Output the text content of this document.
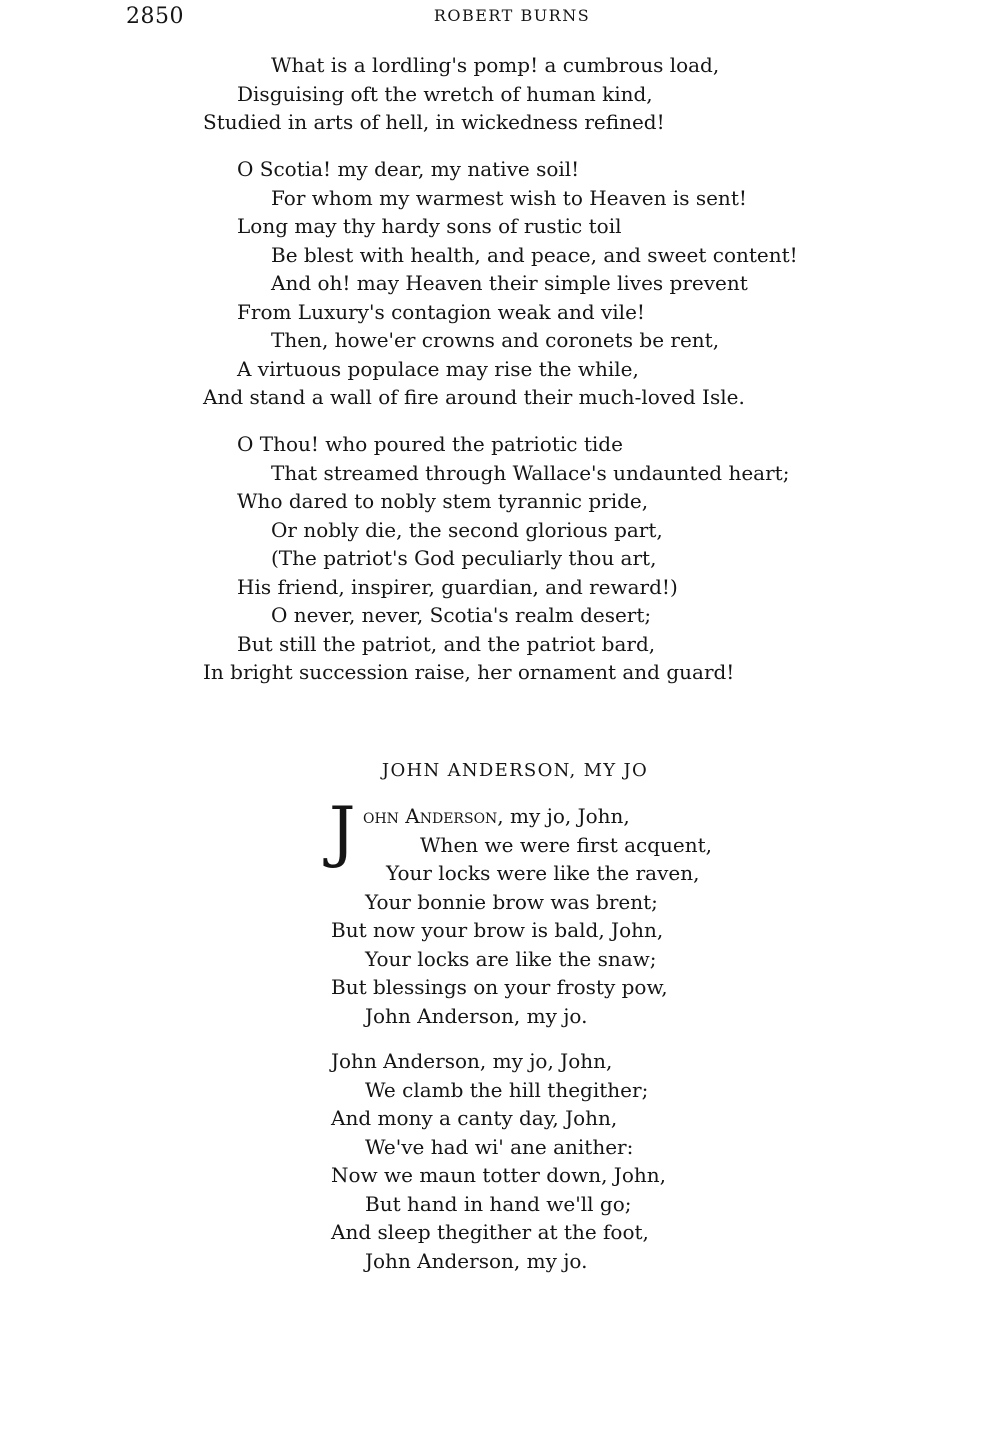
2850	ROBERT BURNS
What is a lordling's pomp! a cumbrous load,
Disguising oft the wretch of human kind,
Studied in arts of hell, in wickedness refined!
O Scotia! my dear, my native soil!
For whom my warmest wish to Heaven is sent!
Long may thy hardy sons of rustic toil
Be blest with health, and peace, and sweet content!
And oh! may Heaven their simple lives prevent
From Luxury's contagion weak and vile!
Then, howe'er crowns and coronets be rent,
A virtuous populace may rise the while,
And stand a wall of fire around their much-loved Isle.
O Thou! who poured the patriotic tide
That streamed through Wallace's undaunted heart;
Who dared to nobly stem tyrannic pride,
Or nobly die, the second glorious part,
(The patriot's God peculiarly thou art,
His friend, inspirer, guardian, and reward!)
O never, never, Scotia's realm desert;
But still the patriot, and the patriot bard,
In bright succession raise, her ornament and guard!
JOHN ANDERSON, MY JO
J ohn Anderson, my jo, John,
When we were first acquent,
Your locks were like the raven,
Your bonnie brow was brent;
But now your brow is bald, John,
Your locks are like the snaw;
But blessings on your frosty pow,
John Anderson, my jo.
John Anderson, my jo, John,
We clamb the hill thegither;
And mony a canty day, John,
We've had wi' ane anither:
Now we maun totter down, John,
But hand in hand we'll go;
And sleep thegither at the foot,
John Anderson, my jo.
